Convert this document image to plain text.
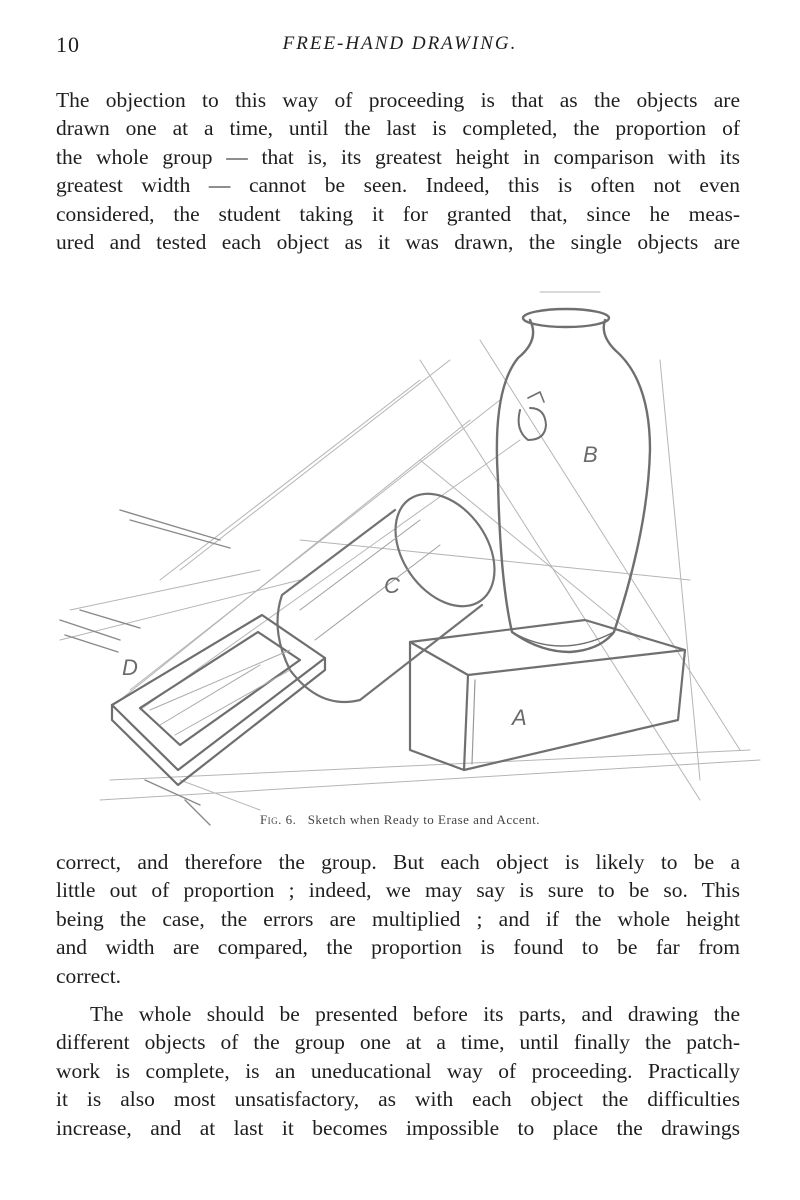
10	FREE-HAND DRAWING.
The objection to this way of proceeding is that as the objects are
drawn one at a time, until the last is completed, the proportion of
the whole group — that is, its greatest height in comparison with its
greatest width — cannot be seen. Indeed, this is often not even
considered, the student taking it for granted that, since he meas-
ured and tested each object as it was drawn, the single objects are
A
B
C
D
Fig. 6. Sketch when Ready to Erase and Accent.
correct, and therefore the group. But each object is likely to be a
little out of proportion ; indeed, we may say is sure to be so. This
being the case, the errors are multiplied ; and if the whole height
and width are compared, the proportion is found to be far from
correct.
The whole should be presented before its parts, and drawing the
different objects of the group one at a time, until finally the patch-
work is complete, is an uneducational way of proceeding. Practically
it is also most unsatisfactory, as with each object the difficulties
increase, and at last it becomes impossible to place the drawings
